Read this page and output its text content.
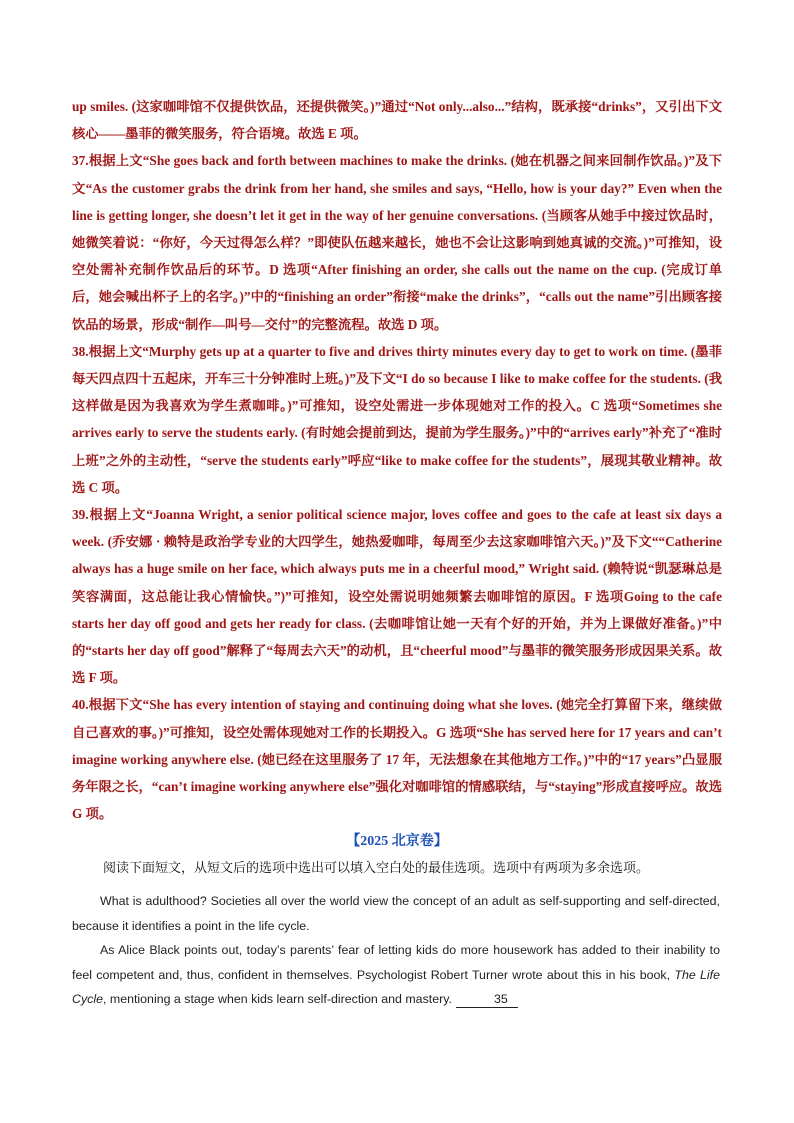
up smiles. (这家咖啡馆不仅提供饮品，还提供微笑。)”通过“Not only...also...”结构，既承接“drinks”，又引出下文核心——墨菲的微笑服务，符合语境。故选 E 项。

37.根据上文“She goes back and forth between machines to make the drinks. (她在机器之间来回制作饮品。)”及下文“As the customer grabs the drink from her hand, she smiles and says, “Hello, how is your day?” Even when the line is getting longer, she doesn’t let it get in the way of her genuine conversations. (当顾客从她手中接过饮品时，她微笑着说：“你好，今天过得怎么样？”即使队伍越来越长，她也不会让这影响到她真诚的交流。)”可推知，设空处需补充制作饮品后的环节。D 选项“After finishing an order, she calls out the name on the cup. (完成订单后，她会喊出杯子上的名字。)”中的“finishing an order”衔接“make the drinks”，“calls out the name”引出顾客接饮品的场景，形成“制作—叫号—交付”的完整流程。故选 D 项。

38.根据上文“Murphy gets up at a quarter to five and drives thirty minutes every day to get to work on time. (墨菲每天四点四十五起床，开车三十分钟准时上班。)”及下文“I do so because I like to make coffee for the students. (我这样做是因为我喜欢为学生煮咖啡。)”可推知，设空处需进一步体现她对工作的投入。C 选项“Sometimes she arrives early to serve the students early. (有时她会提前到达，提前为学生服务。)”中的“arrives early”补充了“准时上班”之外的主动性，“serve the students early”呼应“like to make coffee for the students”，展现其敬业精神。故选 C 项。

39.根据上文“Joanna Wright, a senior political science major, loves coffee and goes to the cafe at least six days a week. (乔安娜 · 赖特是政治学专业的大四学生，她热爱咖啡，每周至少去这家咖啡馆六天。)”及下文““Catherine always has a huge smile on her face, which always puts me in a cheerful mood,” Wright said. (赖特说“凯瑟琳总是笑容满面，这总能让我心情愉快。”)”可推知，设空处需说明她频繁去咖啡馆的原因。F 选项Going to the cafe starts her day off good and gets her ready for class. (去咖啡馆让她一天有个好的开始，并为上课做好准备。)”中的“starts her day off good”解释了“每周去六天”的动机，且“cheerful mood”与墨菲的微笑服务形成因果关系。故选 F 项。

40.根据下文“She has every intention of staying and continuing doing what she loves. (她完全打算留下来，继续做自己喜欢的事。)”可推知，设空处需体现她对工作的长期投入。G 选项“She has served here for 17 years and can’t imagine working anywhere else. (她已经在这里服务了 17 年，无法想象在其他地方工作。)”中的“17 years”凸显服务年限之长，“can’t imagine working anywhere else”强化对咖啡馆的情感联结，与“staying”形成直接呼应。故选 G 项。

【2025 北京卷】
阅读下面短文，从短文后的选项中选出可以填入空白处的最佳选项。选项中有两项为多余选项。

What is adulthood? Societies all over the world view the concept of an adult as self-supporting and self-directed, because it identifies a point in the life cycle.

As Alice Black points out, today’s parents’ fear of letting kids do more housework has added to their inability to feel competent and, thus, confident in themselves. Psychologist Robert Turner wrote about this in his book, The Life Cycle, mentioning a stage when kids learn self-direction and mastery.	35
